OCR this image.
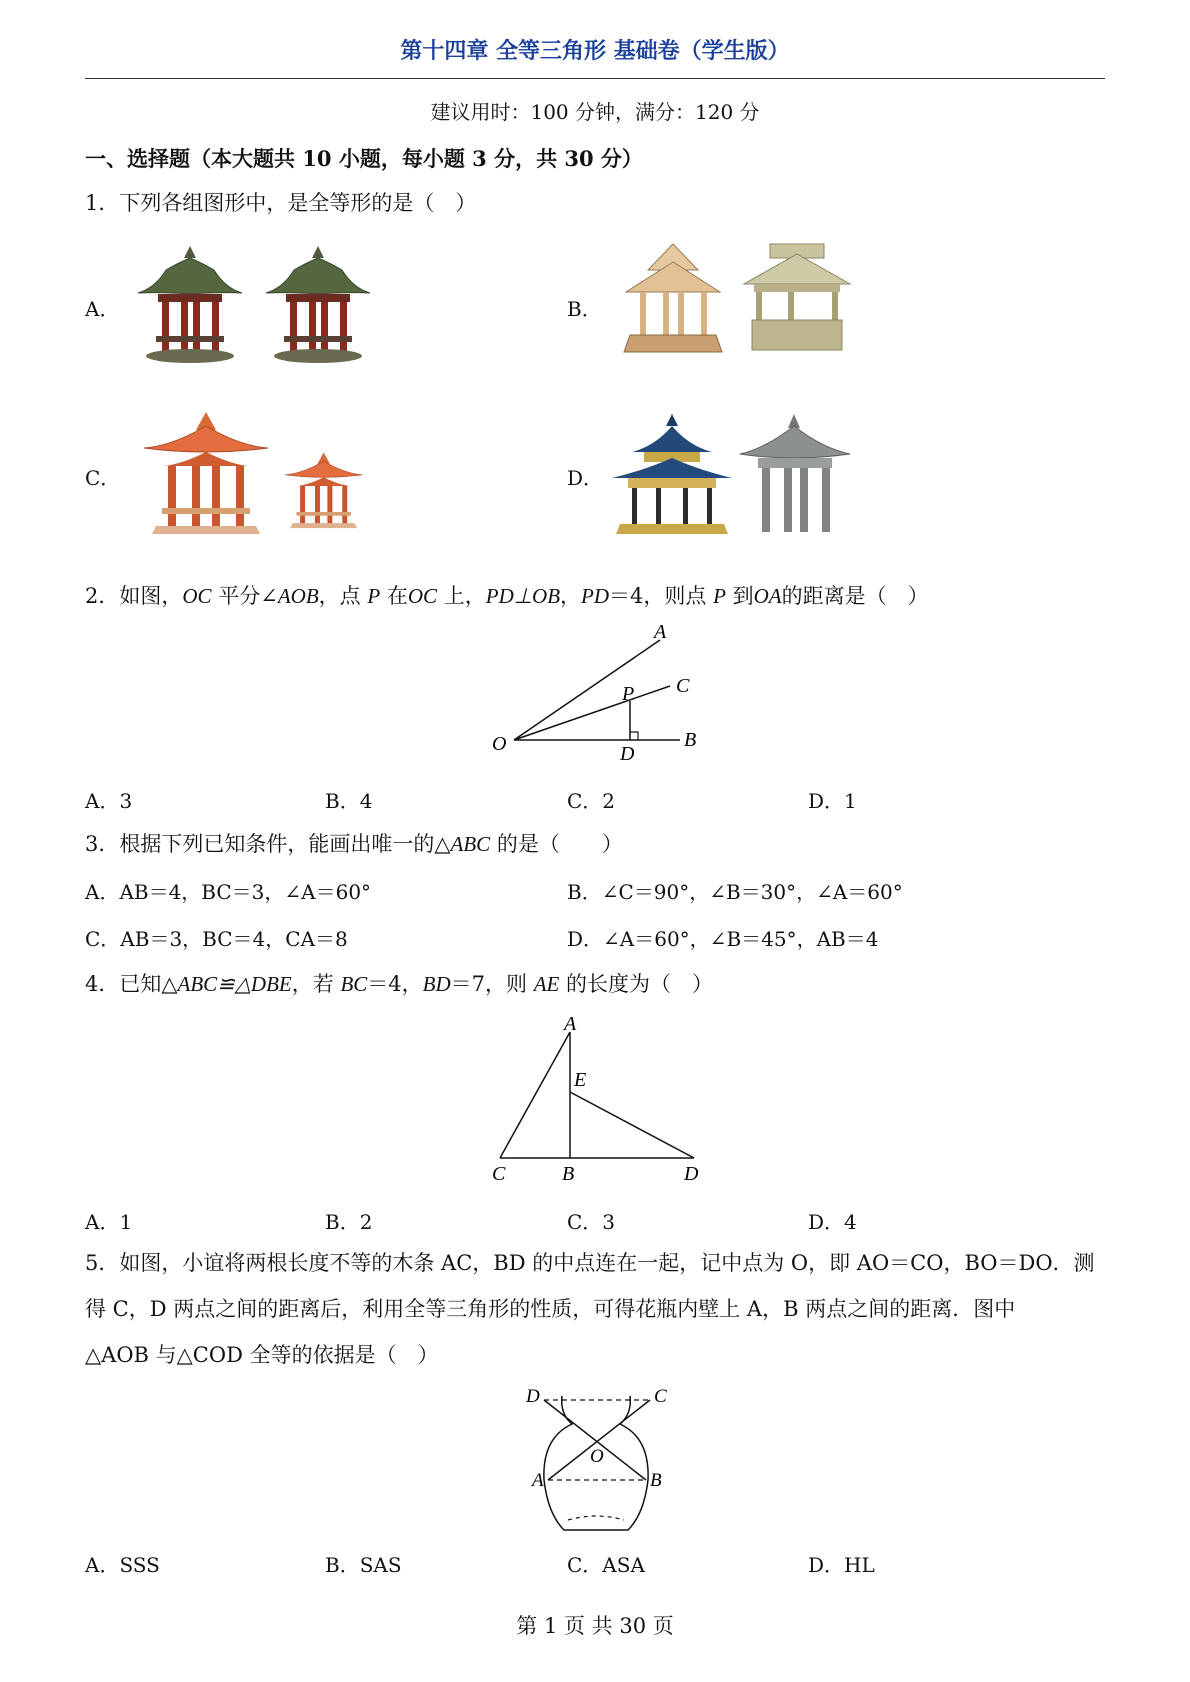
第十四章 全等三角形 基础卷（学生版）
建议用时：100 分钟，满分：120 分
一、选择题（本大题共 10 小题，每小题 3 分，共 30 分）
1．下列各组图形中，是全等形的是（　）
A．	B．
C．	D．
2．如图，OC 平分∠AOB，点 P 在OC 上，PD⊥OB，PD＝4，则点 P 到OA的距离是（　）
A
C
P
O	D
B
A．3	B．4	C．2	D．1
3．根据下列已知条件，能画出唯一的△ABC 的是（　　）
A．AB＝4，BC＝3，∠A＝60°	B．∠C＝90°，∠B＝30°，∠A＝60°
C．AB＝3，BC＝4，CA＝8	D．∠A＝60°，∠B＝45°，AB＝4
4．已知△ABC≌△DBE，若 BC＝4，BD＝7，则 AE 的长度为（　）
A
E
C	B	D
A．1	B．2	C．3	D．4
5．如图，小谊将两根长度不等的木条 AC，BD 的中点连在一起，记中点为 O，即 AO＝CO，BO＝DO．测
得 C，D 两点之间的距离后，利用全等三角形的性质，可得花瓶内壁上 A，B 两点之间的距离．图中
△AOB 与△COD 全等的依据是（　）
D	C
O
A	B
A．SSS	B．SAS	C．ASA	D．HL
第 1 页 共 30 页
